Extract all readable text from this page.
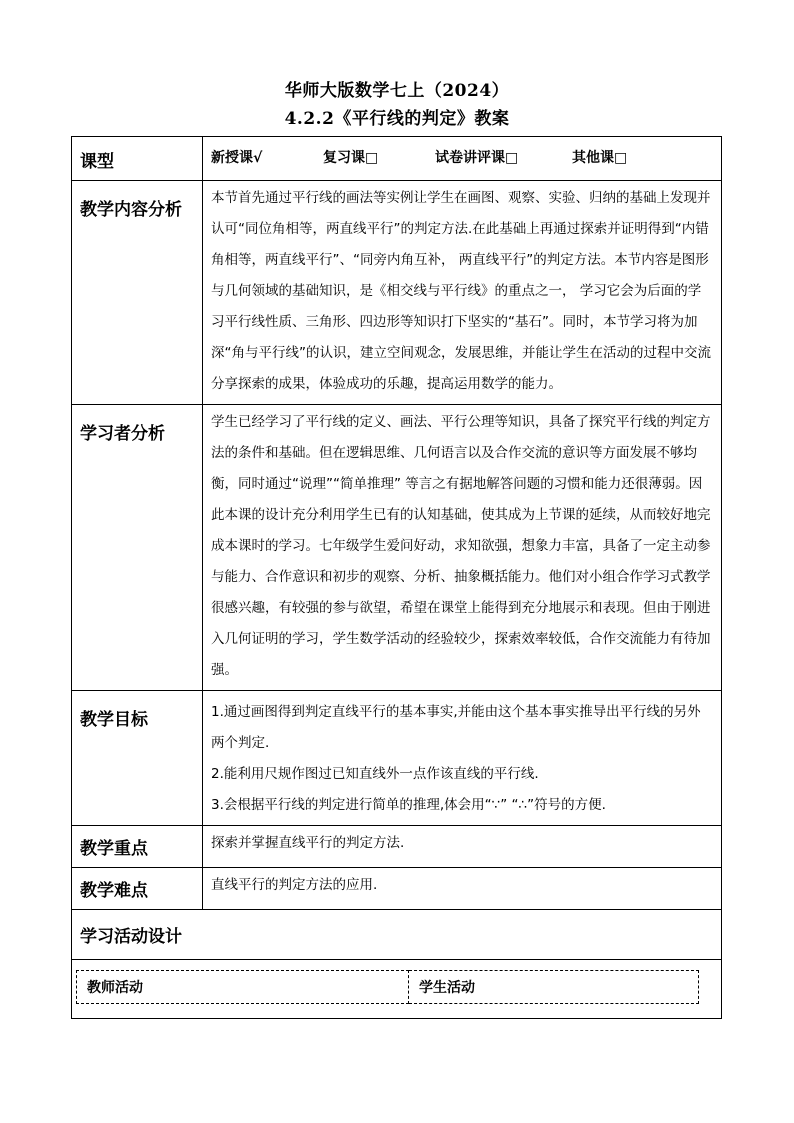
华师大版数学七上（2024）
4.2.2《平行线的判定》教案
课型	新授课√	复习课□	试卷讲评课□	其他课□

教学内容分析	本节首先通过平行线的画法等实例让学生在画图、观察、实验、归纳的基础上发现并认可“同位角相等，两直线平行”的判定方法.在此基础上再通过探索并证明得到“内错角相等，两直线平行”、“同旁内角互补， 两直线平行”的判定方法。本节内容是图形与几何领域的基础知识，是《相交线与平行线》的重点之一， 学习它会为后面的学习平行线性质、三角形、四边形等知识打下坚实的“基石”。同时，本节学习将为加深“角与平行线”的认识，建立空间观念，发展思维，并能让学生在活动的过程中交流分享探索的成果，体验成功的乐趣，提高运用数学的能力。
学习者分析	学生已经学习了平行线的定义、画法、平行公理等知识，具备了探究平行线的判定方法的条件和基础。但在逻辑思维、几何语言以及合作交流的意识等方面发展不够均衡，同时通过“说理”“简单推理” 等言之有据地解答问题的习惯和能力还很薄弱。因此本课的设计充分利用学生已有的认知基础，使其成为上节课的延续，从而较好地完成本课时的学习。七年级学生爱问好动，求知欲强，想象力丰富，具备了一定主动参与能力、合作意识和初步的观察、分析、抽象概括能力。他们对小组合作学习式教学很感兴趣，有较强的参与欲望，希望在课堂上能得到充分地展示和表现。但由于刚进入几何证明的学习，学生数学活动的经验较少，探索效率较低，合作交流能力有待加强。
教学目标	1.通过画图得到判定直线平行的基本事实,并能由这个基本事实推导出平行线的另外两个判定.

2.能利用尺规作图过已知直线外一点作该直线的平行线.

3.会根据平行线的判定进行简单的推理,体会用“∵” “∴”符号的方便.

教学重点	探索并掌握直线平行的判定方法.
教学难点	直线平行的判定方法的应用.
学习活动设计

教师活动	学生活动
